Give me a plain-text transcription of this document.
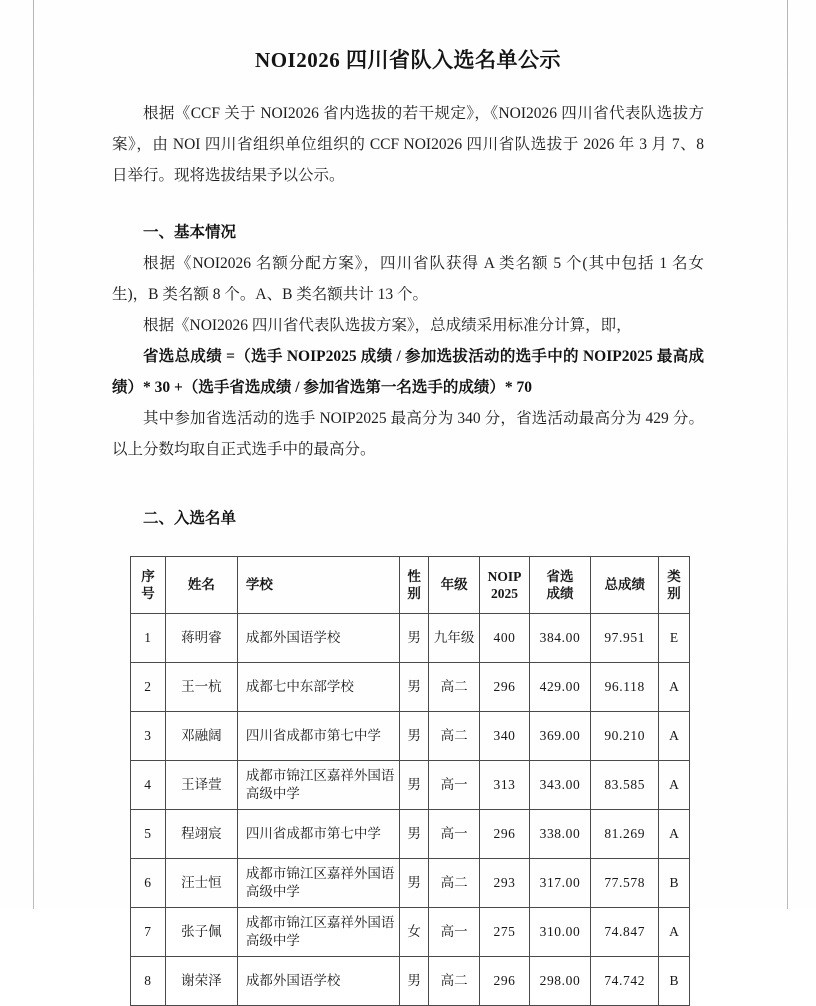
NOI2026 四川省队入选名单公示

根据《CCF 关于 NOI2026 省内选拔的若干规定》，《NOI2026 四川省代表队选拔方案》，由 NOI 四川省组织单位组织的 CCF NOI2026 四川省队选拔于 2026 年 3 月 7、8 日举行。现将选拔结果予以公示。

一、基本情况

根据《NOI2026 名额分配方案》，四川省队获得 A 类名额 5 个(其中包括 1 名女生)，B 类名额 8 个。A、B 类名额共计 13 个。

根据《NOI2026 四川省代表队选拔方案》，总成绩采用标准分计算，即，

省选总成绩 =（选手 NOIP2025 成绩 / 参加选拔活动的选手中的 NOIP2025 最高成绩）* 30 +（选手省选成绩 / 参加省选第一名选手的成绩）* 70

其中参加省选活动的选手 NOIP2025 最高分为 340 分，省选活动最高分为 429 分。以上分数均取自正式选手中的最高分。

二、入选名单
序
号	姓名	学校	性
别	年级	NOIP
2025	省选
成绩	总成绩	类
别

1	蒋明睿	成都外国语学校	男	九年级	400	384.00	97.951	E
2	王一杭	成都七中东部学校	男	高二	296	429.00	96.118	A
3	邓融阔	四川省成都市第七中学	男	高二	340	369.00	90.210	A
4	王译萱	成都市锦江区嘉祥外国语高级中学	男	高一	313	343.00	83.585	A
5	程翊宸	四川省成都市第七中学	男	高一	296	338.00	81.269	A
6	汪士恒	成都市锦江区嘉祥外国语高级中学	男	高二	293	317.00	77.578	B
7	张子佩	成都市锦江区嘉祥外国语高级中学	女	高一	275	310.00	74.847	A
8	谢荣泽	成都外国语学校	男	高二	296	298.00	74.742	B
